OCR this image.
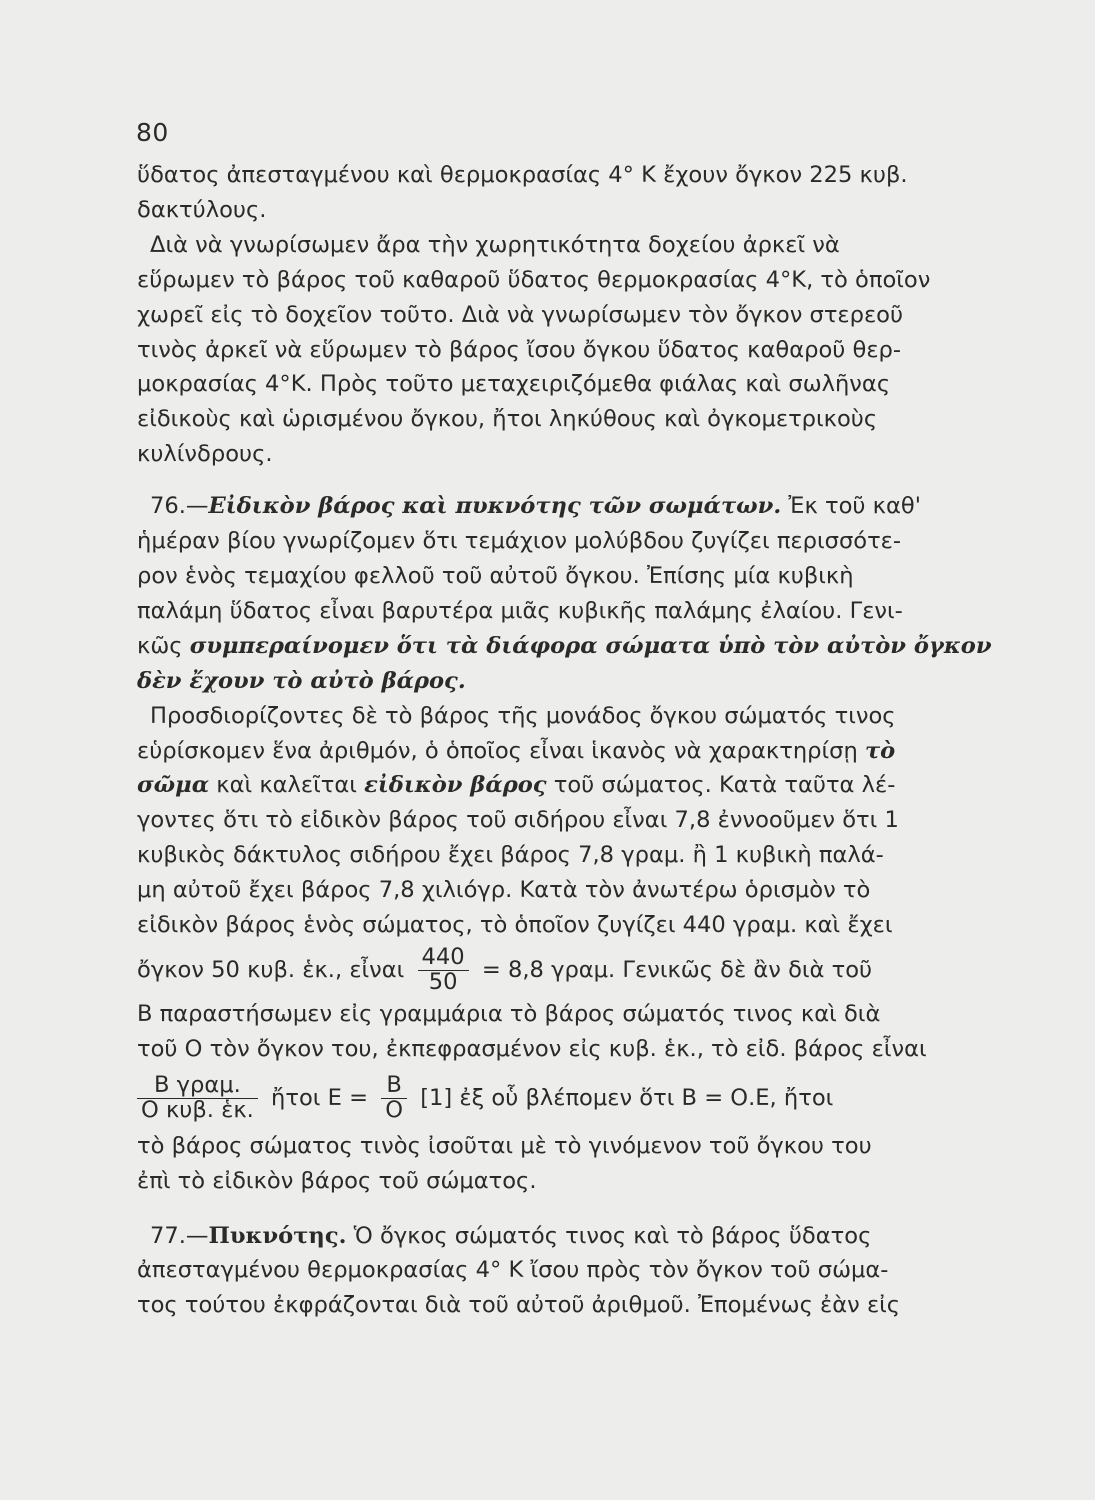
80

ὕδατος ἀπεσταγμένου καὶ θερμοκρασίας 4° Κ ἔχουν ὄγκον 225 κυβ.
δακτύλους.

Διὰ νὰ γνωρίσωμεν ἄρα τὴν χωρητικότητα δοχείου ἀρκεῖ νὰ
εὕρωμεν τὸ βάρος τοῦ καθαροῦ ὕδατος θερμοκρασίας 4°Κ, τὸ ὁποῖον
χωρεῖ εἰς τὸ δοχεῖον τοῦτο. Διὰ νὰ γνωρίσωμεν τὸν ὄγκον στερεοῦ
τινὸς ἀρκεῖ νὰ εὕρωμεν τὸ βάρος ἴσου ὄγκου ὕδατος καθαροῦ θερ-
μοκρασίας 4°Κ. Πρὸς τοῦτο μεταχειριζόμεθα φιάλας καὶ σωλῆνας
εἰδικοὺς καὶ ὡρισμένου ὄγκου, ἤτοι ληκύθους καὶ ὀγκομετρικοὺς
κυλίνδρους.

76.—Εἰδικὸν βάρος καὶ πυκνότης τῶν σωμάτων. Ἐκ τοῦ καθ'
ἡμέραν βίου γνωρίζομεν ὅτι τεμάχιον μολύβδου ζυγίζει περισσότε-
ρον ἑνὸς τεμαχίου φελλοῦ τοῦ αὐτοῦ ὄγκου. Ἐπίσης μία κυβικὴ
παλάμη ὕδατος εἶναι βαρυτέρα μιᾶς κυβικῆς παλάμης ἐλαίου. Γενι-
κῶς συμπεραίνομεν ὅτι τὰ διάφορα σώματα ὑπὸ τὸν αὐτὸν ὄγκον
δὲν ἔχουν τὸ αὐτὸ βάρος.

Προσδιορίζοντες δὲ τὸ βάρος τῆς μονάδος ὄγκου σώματός τινος
εὑρίσκομεν ἕνα ἀριθμόν, ὁ ὁποῖος εἶναι ἱκανὸς νὰ χαρακτηρίσῃ τὸ
σῶμα καὶ καλεῖται εἰδικὸν βάρος τοῦ σώματος. Κατὰ ταῦτα λέ-
γοντες ὅτι τὸ εἰδικὸν βάρος τοῦ σιδήρου εἶναι 7,8 ἐννοοῦμεν ὅτι 1
κυβικὸς δάκτυλος σιδήρου ἔχει βάρος 7,8 γραμ. ἢ 1 κυβικὴ παλά-
μη αὐτοῦ ἔχει βάρος 7,8 χιλιόγρ. Κατὰ τὸν ἀνωτέρω ὁρισμὸν τὸ
εἰδικὸν βάρος ἑνὸς σώματος, τὸ ὁποῖον ζυγίζει 440 γραμ. καὶ ἔχει

ὄγκον 50 κυβ. ἑκ., εἶναι $\frac{440}{50} = 8,8$ γραμ. Γενικῶς δὲ ἂν διὰ τοῦ

Β παραστήσωμεν εἰς γραμμάρια τὸ βάρος σώματός τινος καὶ διὰ
τοῦ Ο τὸν ὄγκον του, ἐκπεφρασμένον εἰς κυβ. ἑκ., τὸ εἰδ. βάρος εἶναι

$\frac{\text{Β γραμ.}}{\text{Ο κυβ. ἑκ.}}$ ἤτοι $E = \frac{B}{O} [1]$ ἐξ οὗ βλέπομεν ὅτι Β = Ο.Ε, ἤτοι

τὸ βάρος σώματος τινὸς ἰσοῦται μὲ τὸ γινόμενον τοῦ ὄγκου του
ἐπὶ τὸ εἰδικὸν βάρος τοῦ σώματος.

77.—Πυκνότης. Ὁ ὄγκος σώματός τινος καὶ τὸ βάρος ὕδατος
ἀπεσταγμένου θερμοκρασίας 4° Κ ἴσου πρὸς τὸν ὄγκον τοῦ σώμα-
τος τούτου ἐκφράζονται διὰ τοῦ αὐτοῦ ἀριθμοῦ. Ἐπομένως ἐὰν εἰς
